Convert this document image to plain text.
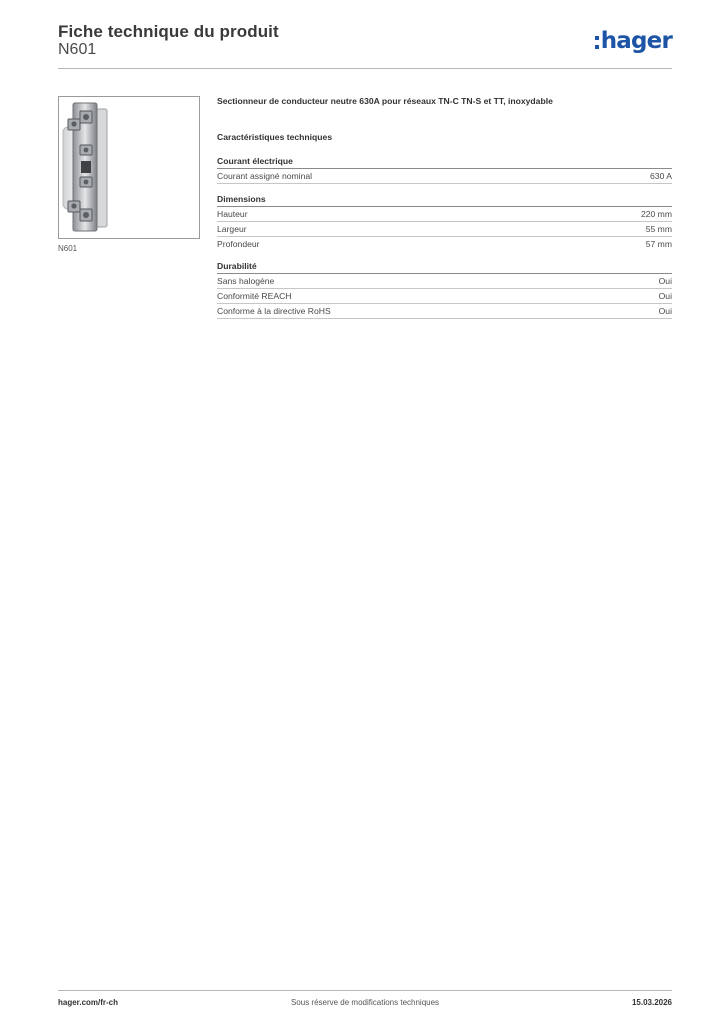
Fiche technique du produit
N601	hager
N601
Sectionneur de conducteur neutre 630A pour réseaux TN-C TN-S et TT, inoxydable
Caractéristiques techniques
Courant électrique
Courant assigné nominal	630 A
Dimensions
Hauteur	220 mm
Largeur	55 mm
Profondeur	57 mm
Durabilité
Sans halogène	Oui
Conformité REACH	Oui
Conforme à la directive RoHS	Oui
hager.com/fr-ch	Sous réserve de modifications techniques	15.03.2026
